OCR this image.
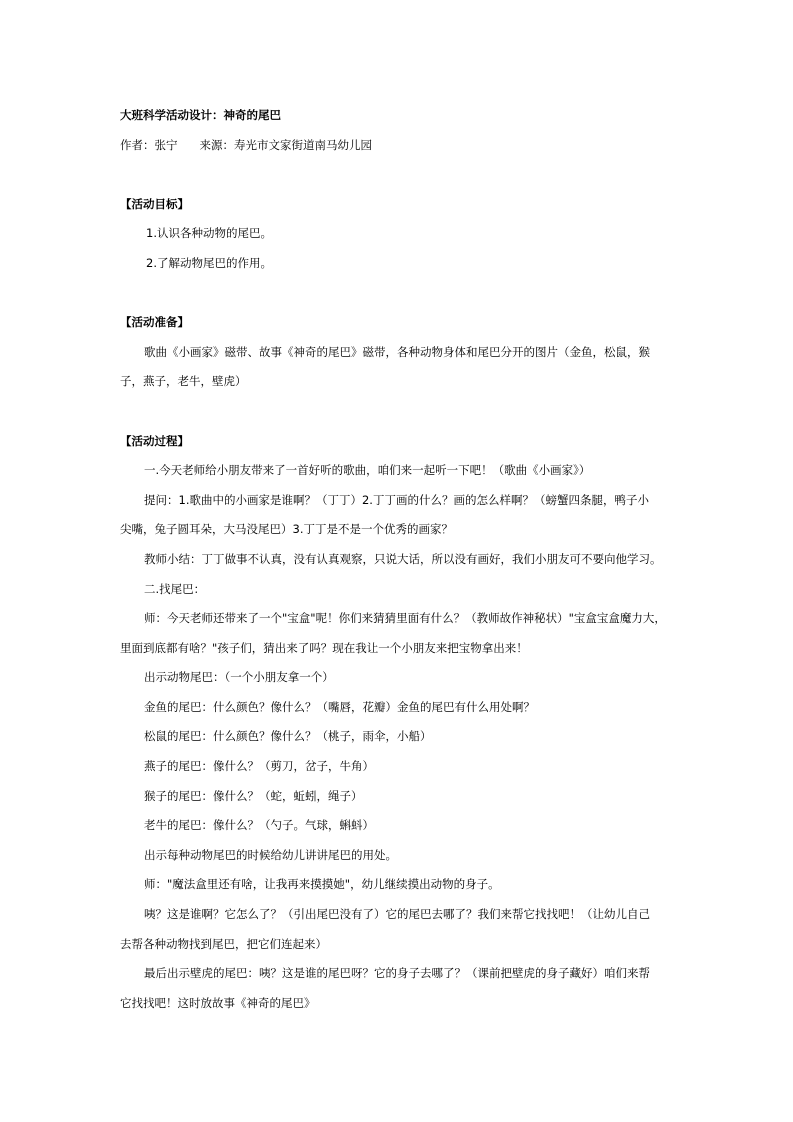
大班科学活动设计：神奇的尾巴
作者：张宁 来源：寿光市文家街道南马幼儿园
【活动目标】
1.认识各种动物的尾巴。
2.了解动物尾巴的作用。
【活动准备】
歌曲《小画家》磁带、故事《神奇的尾巴》磁带，各种动物身体和尾巴分开的图片（金鱼，松鼠，猴
子，燕子，老牛，壁虎）
【活动过程】
一.今天老师给小朋友带来了一首好听的歌曲，咱们来一起听一下吧！（歌曲《小画家》）
提问：1.歌曲中的小画家是谁啊？（丁丁）2.丁丁画的什么？画的怎么样啊？（螃蟹四条腿，鸭子小
尖嘴，兔子圆耳朵，大马没尾巴）3.丁丁是不是一个优秀的画家？
教师小结：丁丁做事不认真，没有认真观察，只说大话，所以没有画好，我们小朋友可不要向他学习。
二.找尾巴：
师：今天老师还带来了一个"宝盒"呢！你们来猜猜里面有什么？（教师故作神秘状）"宝盒宝盒魔力大，
里面到底都有啥？"孩子们，猜出来了吗？现在我让一个小朋友来把宝物拿出来！
出示动物尾巴：（一个小朋友拿一个）
金鱼的尾巴：什么颜色？像什么？（嘴唇，花瓣）金鱼的尾巴有什么用处啊？
松鼠的尾巴：什么颜色？像什么？（桃子，雨伞，小船）
燕子的尾巴：像什么？（剪刀，岔子，牛角）
猴子的尾巴：像什么？（蛇，蚯蚓，绳子）
老牛的尾巴：像什么？（勺子。气球，蝌蚪）
出示每种动物尾巴的时候给幼儿讲讲尾巴的用处。
师："魔法盒里还有啥，让我再来摸摸她"，幼儿继续摸出动物的身子。
咦？这是谁啊？它怎么了？（引出尾巴没有了）它的尾巴去哪了？我们来帮它找找吧！（让幼儿自己
去帮各种动物找到尾巴，把它们连起来）
最后出示壁虎的尾巴：咦？这是谁的尾巴呀？它的身子去哪了？（课前把壁虎的身子藏好）咱们来帮
它找找吧！这时放故事《神奇的尾巴》
